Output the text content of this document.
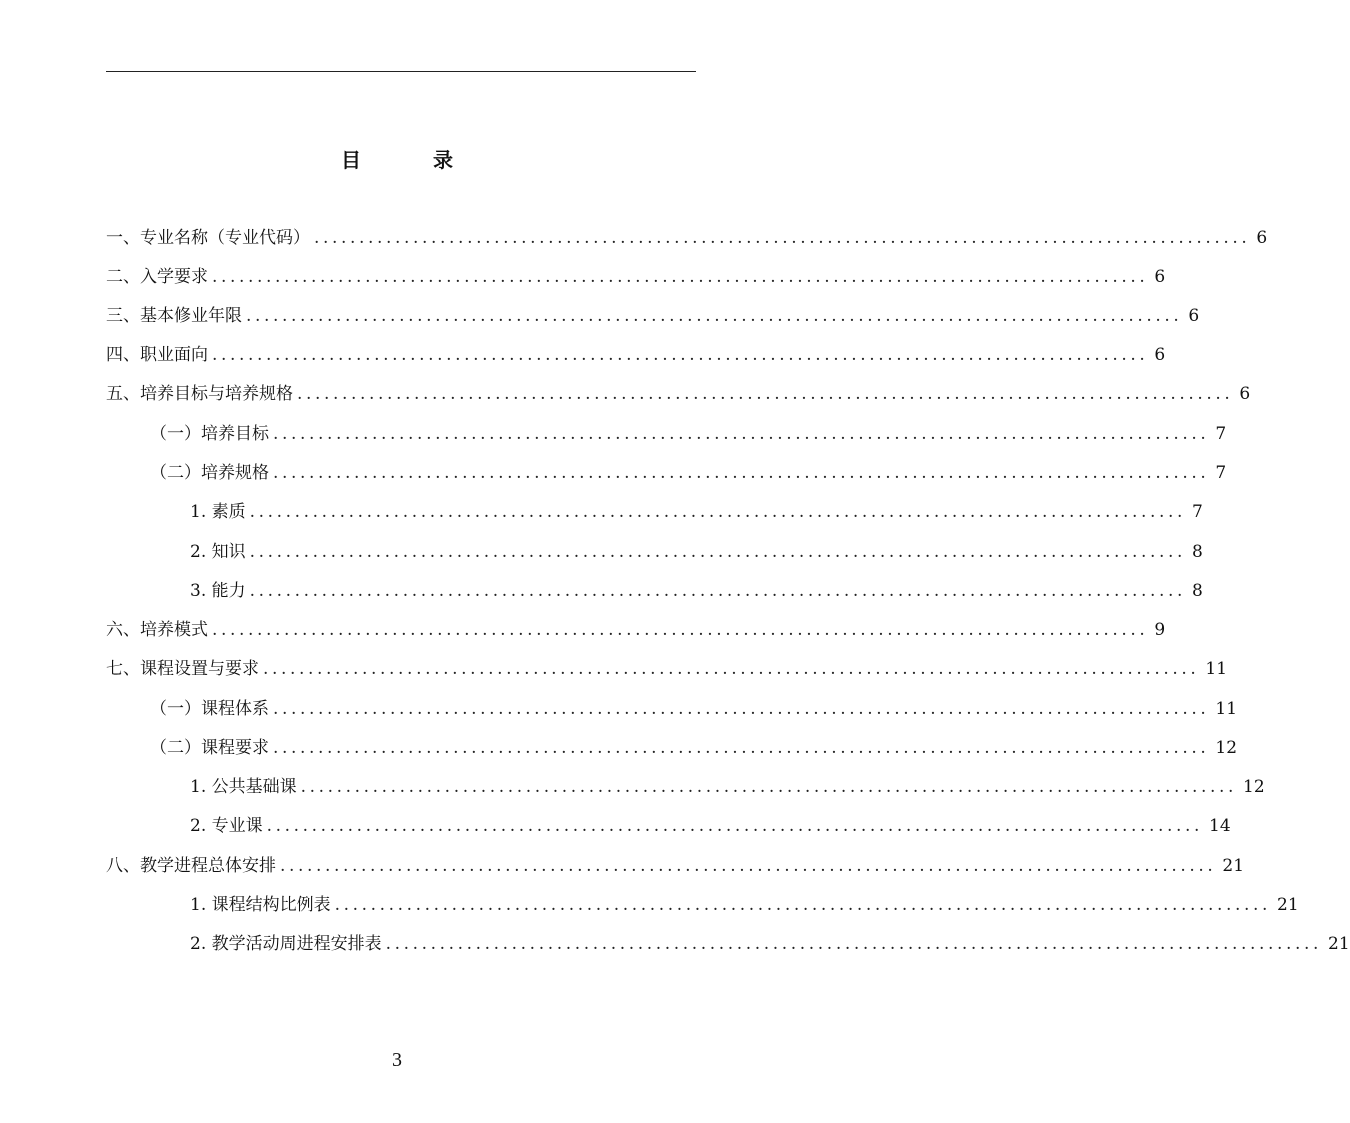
目　录
一、专业名称（专业代码） ........................................................................................................ 6
二、入学要求 ........................................................................................................ 6
三、基本修业年限 ........................................................................................................ 6
四、职业面向 ........................................................................................................ 6
五、培养目标与培养规格 ........................................................................................................ 6
（一）培养目标 ........................................................................................................ 7
（二）培养规格 ........................................................................................................ 7
1. 素质 ........................................................................................................ 7
2. 知识 ........................................................................................................ 8
3. 能力 ........................................................................................................ 8
六、培养模式 ........................................................................................................ 9
七、课程设置与要求 ........................................................................................................ 11
（一）课程体系 ........................................................................................................ 11
（二）课程要求 ........................................................................................................ 12
1. 公共基础课 ........................................................................................................ 12
2. 专业课 ........................................................................................................ 14
八、教学进程总体安排 ........................................................................................................ 21
1. 课程结构比例表 ........................................................................................................ 21
2. 教学活动周进程安排表 ........................................................................................................ 21
3
